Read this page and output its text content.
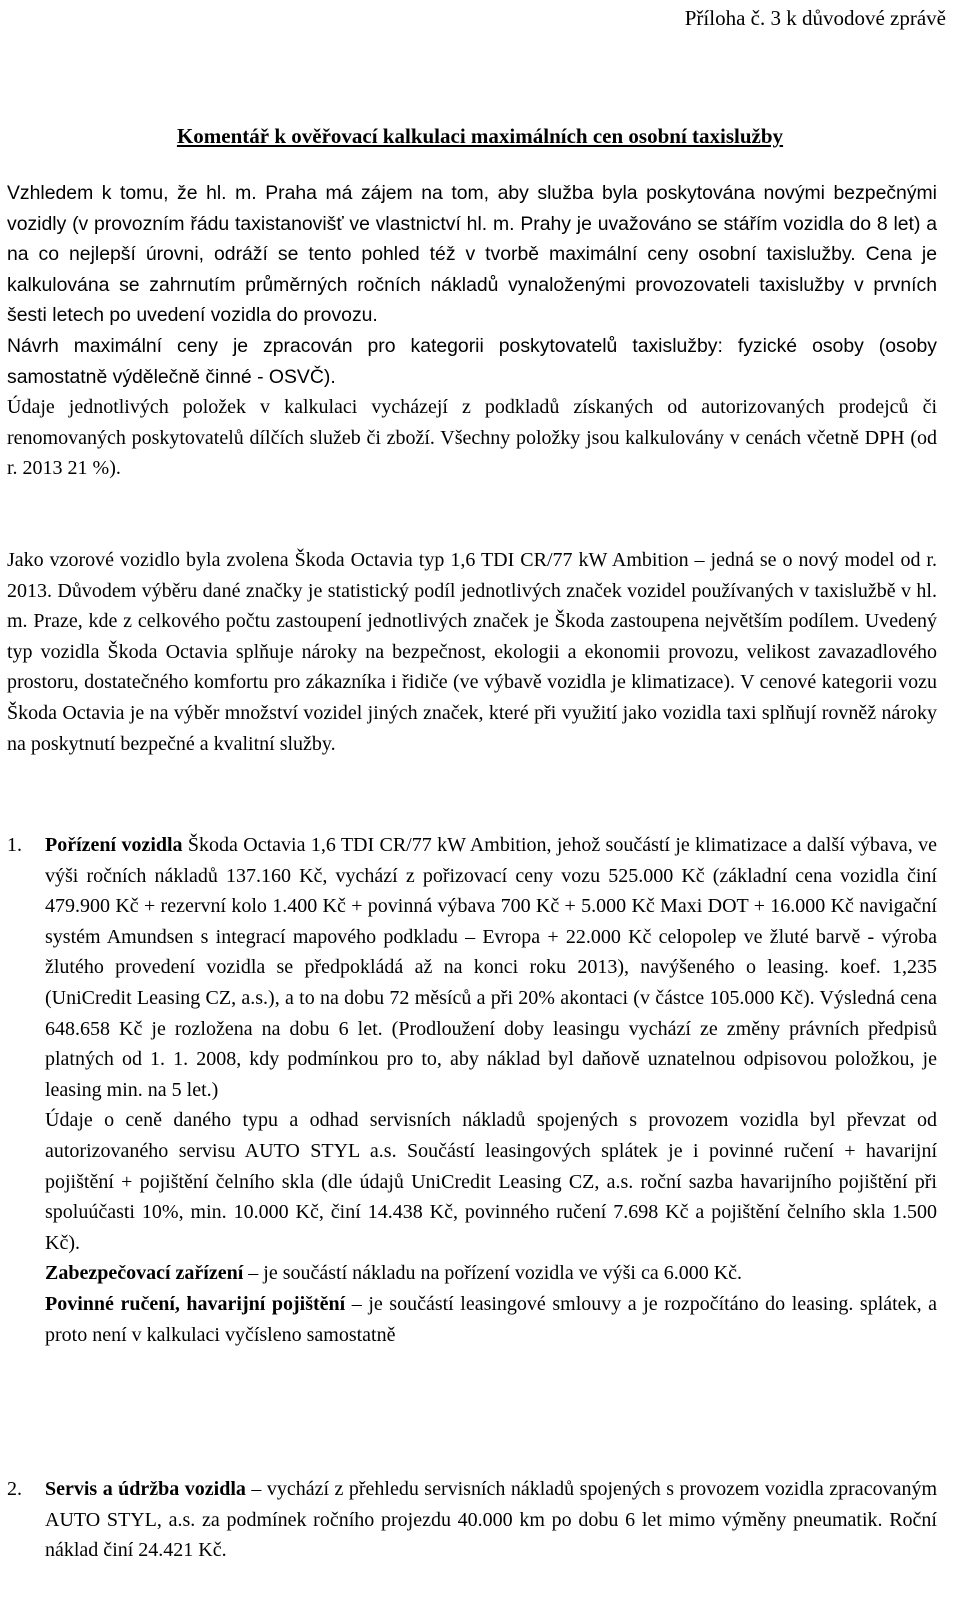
Příloha č. 3 k důvodové zprávě
Komentář k ověřovací kalkulaci maximálních cen osobní taxislužby
Vzhledem k tomu, že hl. m. Praha má zájem na tom, aby služba byla poskytována novými bezpečnými vozidly (v provozním řádu taxistanovišť ve vlastnictví hl. m. Prahy je uvažováno se stářím vozidla do 8 let) a na co nejlepší úrovni, odráží se tento pohled též v tvorbě maximální ceny osobní taxislužby. Cena je kalkulována se zahrnutím průměrných ročních nákladů vynaloženými provozovateli taxislužby v prvních šesti letech po uvedení vozidla do provozu.
Návrh maximální ceny je zpracován pro kategorii poskytovatelů taxislužby: fyzické osoby (osoby samostatně výdělečně činné - OSVČ).
Údaje jednotlivých položek v kalkulaci vycházejí z podkladů získaných od autorizovaných prodejců či renomovaných poskytovatelů dílčích služeb či zboží. Všechny položky jsou kalkulovány v cenách včetně DPH (od r. 2013 21 %).
Jako vzorové vozidlo byla zvolena Škoda Octavia typ 1,6 TDI CR/77 kW Ambition – jedná se o nový model od r. 2013. Důvodem výběru dané značky je statistický podíl jednotlivých značek vozidel používaných v taxislužbě v hl. m. Praze, kde z celkového počtu zastoupení jednotlivých značek je Škoda zastoupena největším podílem. Uvedený typ vozidla Škoda Octavia splňuje nároky na bezpečnost, ekologii a ekonomii provozu, velikost zavazadlového prostoru, dostatečného komfortu pro zákazníka i řidiče (ve výbavě vozidla je klimatizace). V cenové kategorii vozu Škoda Octavia je na výběr množství vozidel jiných značek, které při využití jako vozidla taxi splňují rovněž nároky na poskytnutí bezpečné a kvalitní služby.
1. Pořízení vozidla Škoda Octavia 1,6 TDI CR/77 kW Ambition, jehož součástí je klimatizace a další výbava, ve výši ročních nákladů 137.160 Kč, vychází z pořizovací ceny vozu 525.000 Kč (základní cena vozidla činí 479.900 Kč + rezervní kolo 1.400 Kč + povinná výbava 700 Kč + 5.000 Kč Maxi DOT + 16.000 Kč navigační systém Amundsen s integrací mapového podkladu – Evropa + 22.000 Kč celopolep ve žluté barvě - výroba žlutého provedení vozidla se předpokládá až na konci roku 2013), navýšeného o leasing. koef. 1,235 (UniCredit Leasing CZ, a.s.), a to na dobu 72 měsíců a při 20% akontaci (v částce 105.000 Kč). Výsledná cena 648.658 Kč je rozložena na dobu 6 let. (Prodloužení doby leasingu vychází ze změny právních předpisů platných od 1. 1. 2008, kdy podmínkou pro to, aby náklad byl daňově uznatelnou odpisovou položkou, je leasing min. na 5 let.)
Údaje o ceně daného typu a odhad servisních nákladů spojených s provozem vozidla byl převzat od autorizovaného servisu AUTO STYL a.s. Součástí leasingových splátek je i povinné ručení + havarijní pojištění + pojištění čelního skla (dle údajů UniCredit Leasing CZ, a.s. roční sazba havarijního pojištění při spoluúčasti 10%, min. 10.000 Kč, činí 14.438 Kč, povinného ručení 7.698 Kč a pojištění čelního skla 1.500 Kč).
Zabezpečovací zařízení – je součástí nákladu na pořízení vozidla ve výši ca 6.000 Kč.
Povinné ručení, havarijní pojištění – je součástí leasingové smlouvy a je rozpočítáno do leasing. splátek, a proto není v kalkulaci vyčísleno samostatně
2. Servis a údržba vozidla – vychází z přehledu servisních nákladů spojených s provozem vozidla zpracovaným AUTO STYL, a.s. za podmínek ročního projezdu 40.000 km po dobu 6 let mimo výměny pneumatik. Roční náklad činí 24.421 Kč.
